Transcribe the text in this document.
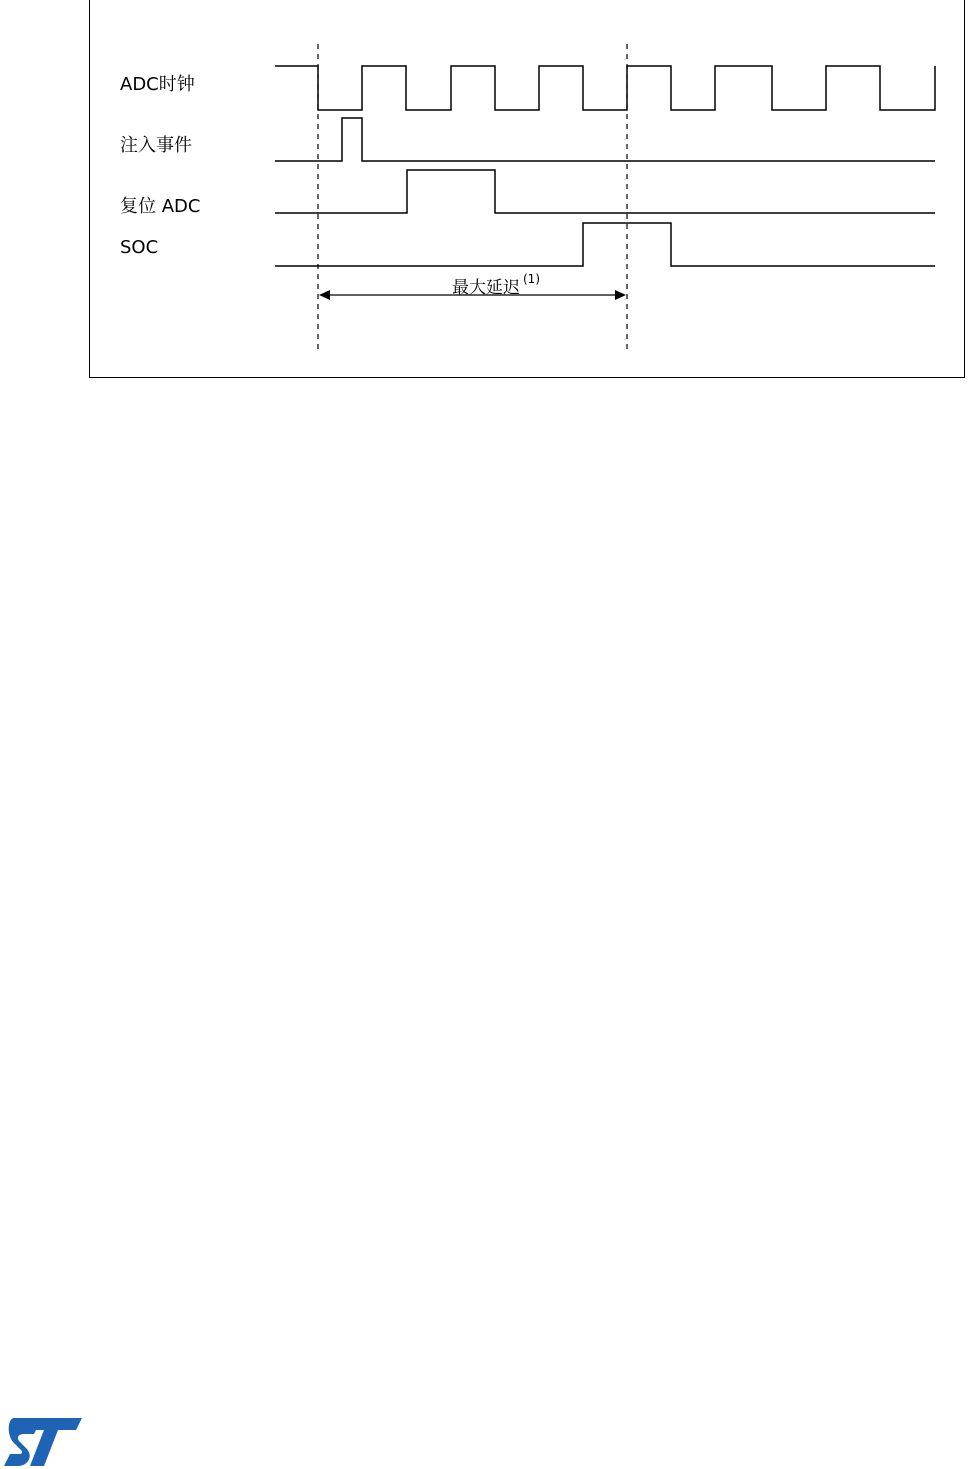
ADC时钟
注入事件
复位 ADC
SOC
最大延迟 $^{(1)}$
